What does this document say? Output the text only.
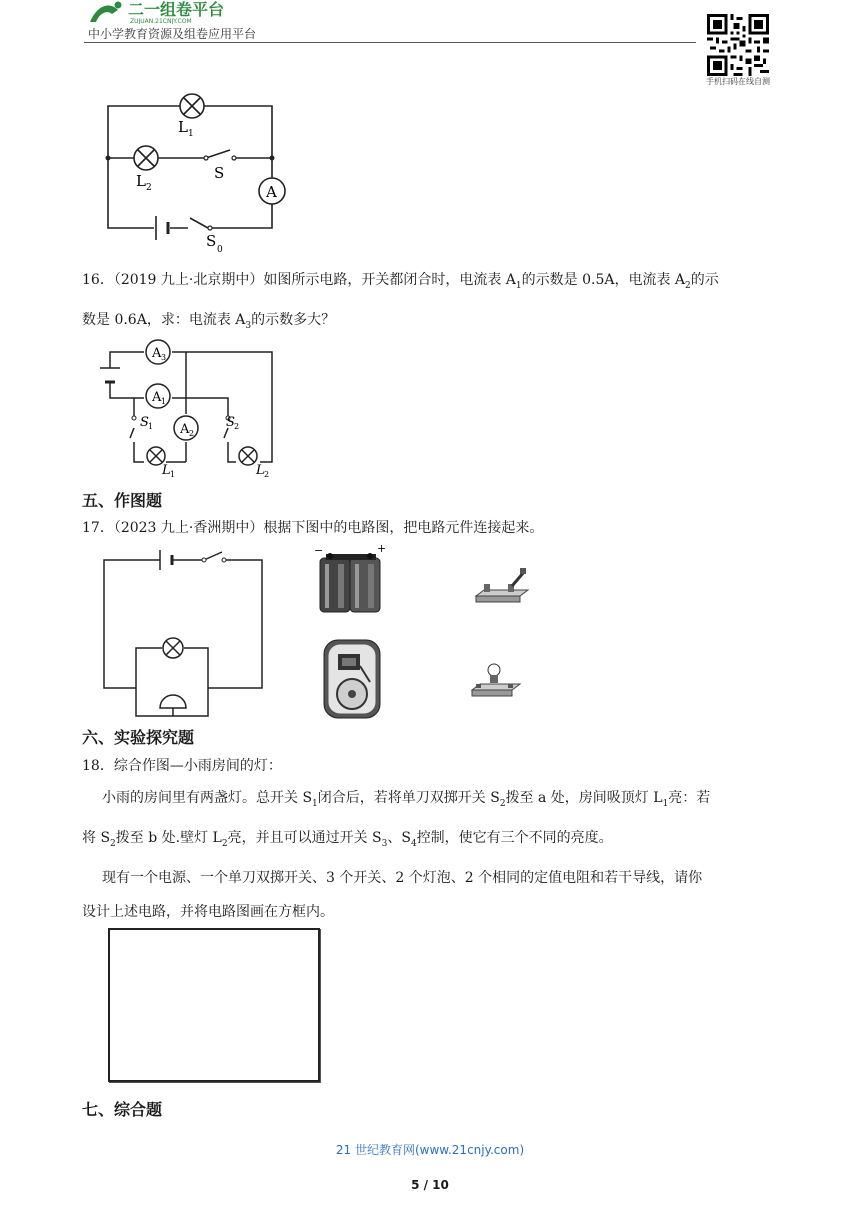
二一组卷平台
ZUJUAN.21CNJY.COM
中小学教育资源及组卷应用平台
手机扫码在线自测
L 1
L 2
S
A
S 0
16．（2019 九上·北京期中）如图所示电路，开关都闭合时，电流表 $A_1$的示数是 0.5A，电流表 $A_2$的示
数是 0.6A，求：电流表 $A_3$的示数多大？
A 3
A 1
A 2
S 1	S 2
L 1	L 2
五、作图题
17．（2023 九上·香洲期中）根据下图中的电路图，把电路元件连接起来。
−	+
六、实验探究题
18．综合作图—小雨房间的灯：
小雨的房间里有两盏灯。总开关 $S_1$闭合后，若将单刀双掷开关 $S_2$拨至 a 处，房间吸顶灯 $L_1$亮：若
将 $S_2$拨至 b 处.壁灯 $L_2$亮，并且可以通过开关 $S_3$、$S_4$控制，使它有三个不同的亮度。
现有一个电源、一个单刀双掷开关、3 个开关、2 个灯泡、2 个相同的定值电阻和若干导线，请你
设计上述电路，并将电路图画在方框内。
七、综合题
21 世纪教育网(www.21cnjy.com)
5 / 10
